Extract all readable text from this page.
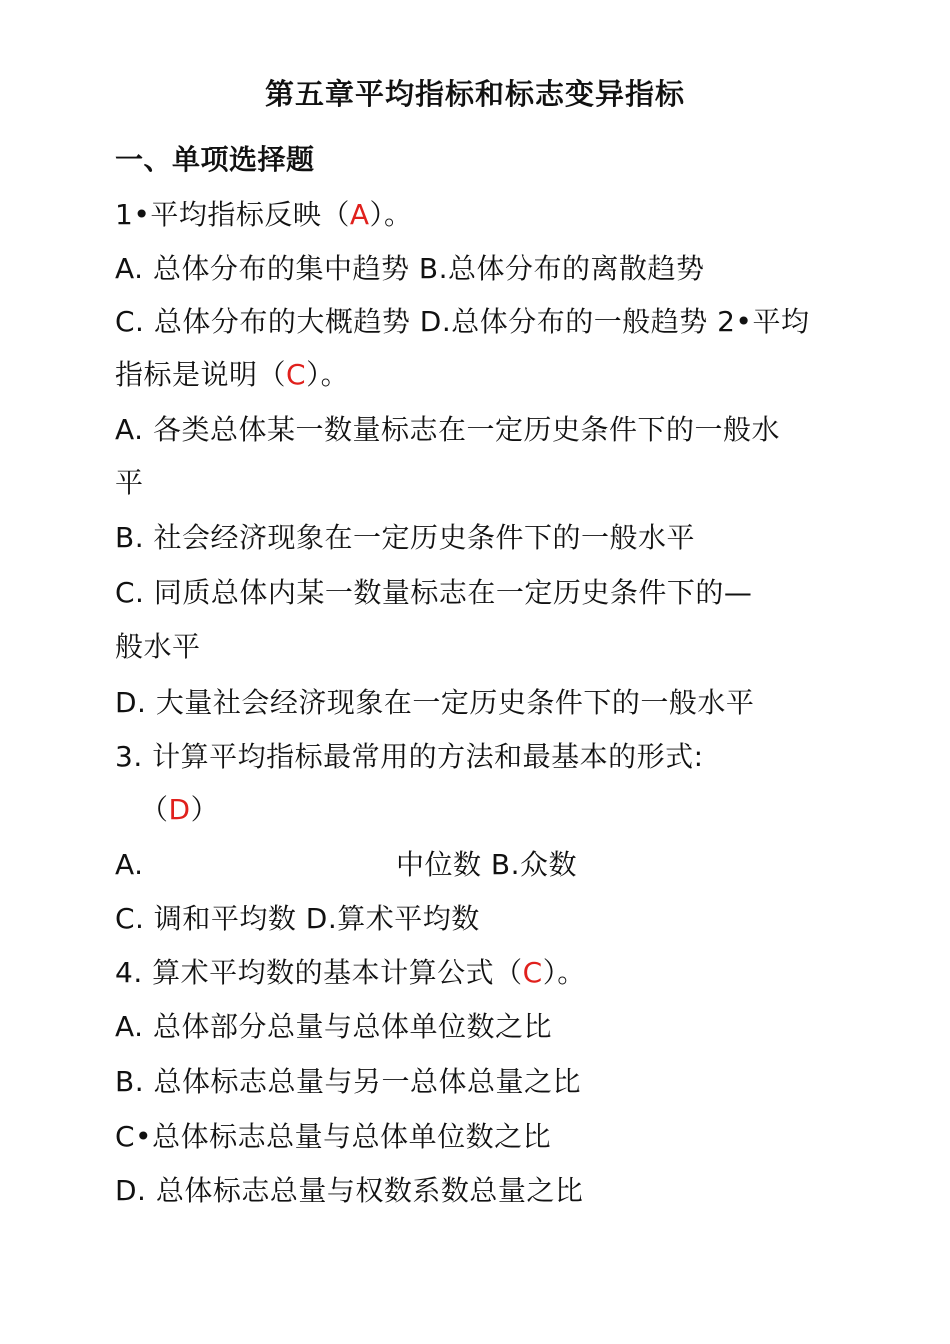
第五章平均指标和标志变异指标
一、单项选择题
1•平均指标反映（A）。
A. 总体分布的集中趋势 B.总体分布的离散趋势
C. 总体分布的大概趋势 D.总体分布的一般趋势 2•平均
指标是说明（C）。
A. 各类总体某一数量标志在一定历史条件下的一般水
平
B. 社会经济现象在一定历史条件下的一般水平
C. 同质总体内某一数量标志在一定历史条件下的—
般水平
D. 大量社会经济现象在一定历史条件下的一般水平
3. 计算平均指标最常用的方法和最基本的形式:
（D）
A.	中位数 B.众数
C. 调和平均数 D.算术平均数
4. 算术平均数的基本计算公式（C）。
A. 总体部分总量与总体单位数之比
B. 总体标志总量与另一总体总量之比
C•总体标志总量与总体单位数之比
D. 总体标志总量与权数系数总量之比
